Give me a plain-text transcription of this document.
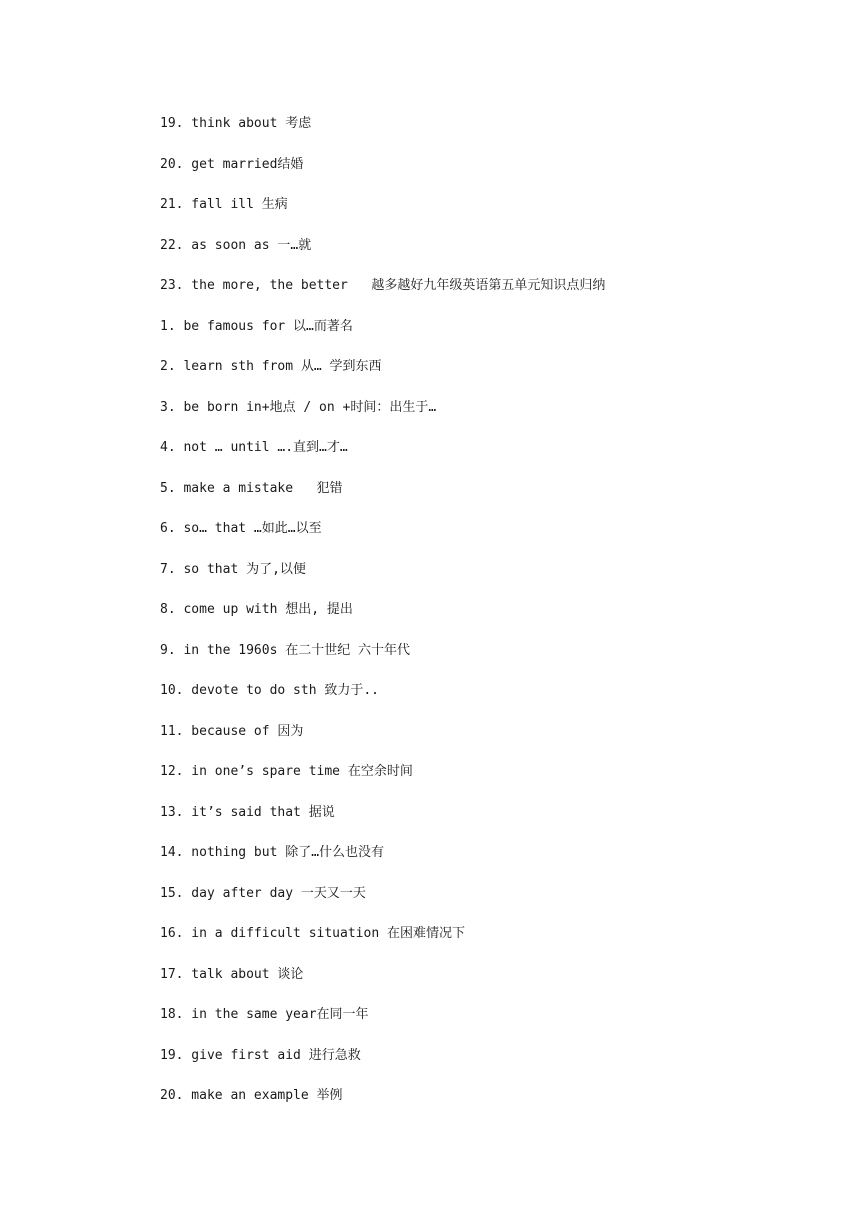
19. think about 考虑
20. get married结婚
21. fall ill 生病
22. as soon as 一…就
23. the more, the better   越多越好九年级英语第五单元知识点归纳
1. be famous for 以…而著名
2. learn sth from 从… 学到东西
3. be born in+地点 / on +时间：出生于…
4. not … until ….直到…才…
5. make a mistake   犯错
6. so… that …如此…以至
7. so that 为了,以便
8. come up with 想出, 提出
9. in the 1960s 在二十世纪 六十年代
10. devote to do sth 致力于..
11. because of 因为
12. in one’s spare time 在空余时间
13. it’s said that 据说
14. nothing but 除了…什么也没有
15. day after day 一天又一天
16. in a difficult situation 在困难情况下
17. talk about 谈论
18. in the same year在同一年
19. give first aid 进行急救
20. make an example 举例
